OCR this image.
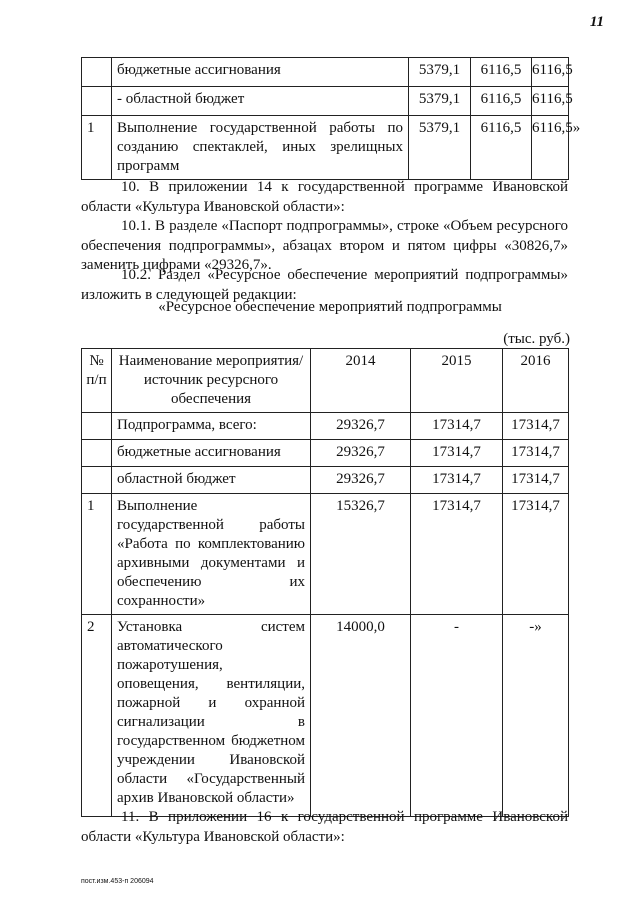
11
	бюджетные ассигнования	5379,1	6116,5	6116,5
	- областной бюджет	5379,1	6116,5	6116,5
1	Выполнение государственной работы по созданию спектаклей, иных зрелищных программ	5379,1	6116,5	6116,5»
10. В приложении 14 к государственной программе Ивановской области «Культура Ивановской области»:
10.1. В разделе «Паспорт подпрограммы», строке «Объем ресурсного обеспечения подпрограммы», абзацах втором и пятом цифры «30826,7» заменить цифрами «29326,7».
10.2. Раздел «Ресурсное обеспечение мероприятий подпрограммы» изложить в следующей редакции:
«Ресурсное обеспечение мероприятий подпрограммы
(тыс. руб.)
№ п/п	Наименование мероприятия/источник ресурсного обеспечения	2014	2015	2016
	Подпрограмма, всего:	29326,7	17314,7	17314,7
	бюджетные ассигнования	29326,7	17314,7	17314,7
	областной бюджет	29326,7	17314,7	17314,7
1	Выполнение государственной работы «Работа по комплектованию архивными документами и обеспечению их сохранности»	15326,7	17314,7	17314,7
2	Установка систем автоматического пожаротушения, оповещения, вентиляции, пожарной и охранной сигнализации в государственном бюджетном учреждении Ивановской области «Государственный архив Ивановской области»	14000,0	-	-»
11. В приложении 16 к государственной программе Ивановской области «Культура Ивановской области»:
пост.изм.453-п 206094
